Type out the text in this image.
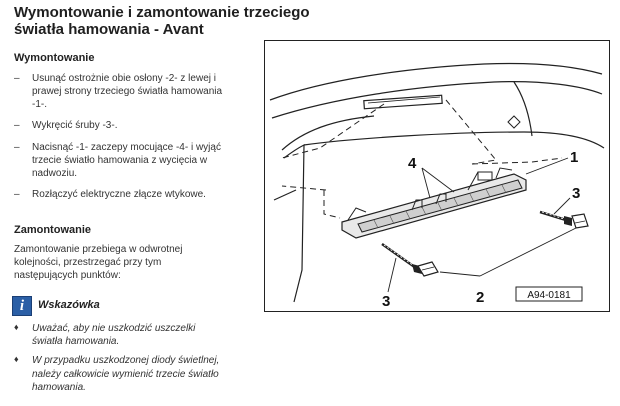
Wymontowanie i zamontowanie trzeciego
światła hamowania - Avant
Wymontowanie
– Usunąć ostrożnie obie osłony -2- z lewej i
prawej strony trzeciego światła hamowania
-1-.
– Wykręcić śruby -3-.
– Nacisnąć -1- zaczepy mocujące -4- i wyjąć
trzecie światło hamowania z wycięcia w
nadwoziu.
– Rozłączyć elektryczne złącze wtykowe.
Zamontowanie
Zamontowanie przebiega w odwrotnej
kolejności, przestrzegać przy tym
następujących punktów:
i	Wskazówka
♦ Uważać, aby nie uszkodzić uszczelki
światła hamowania.
♦ W przypadku uszkodzonej diody świetlnej,
należy całkowicie wymienić trzecie światło
hamowania.
1
4
3
2
3	A94-0181
